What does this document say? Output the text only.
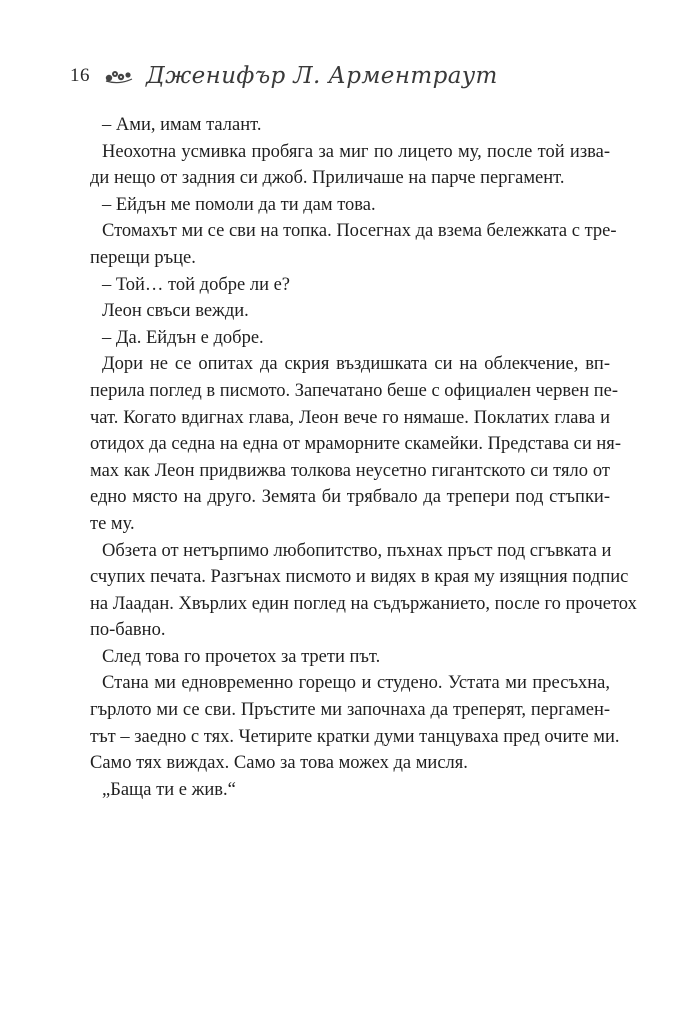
16 Дженифър Л. Арментраут
– Ами, имам талант.
Неохотна усмивка пробяга за миг по лицето му, после той изва-
ди нещо от задния си джоб. Приличаше на парче пергамент.
– Ейдън ме помоли да ти дам това.
Стомахът ми се сви на топка. Посегнах да взема бележката с тре-
перещи ръце.
– Той… той добре ли е?
Леон свъси вежди.
– Да. Ейдън е добре.
Дори не се опитах да скрия въздишката си на облекчение, вп-
перила поглед в писмото. Запечатано беше с официален червен пе-
чат. Когато вдигнах глава, Леон вече го нямаше. Поклатих глава и
отидох да седна на една от мраморните скамейки. Представа си ня-
мах как Леон придвижва толкова неусетно гигантското си тяло от
едно място на друго. Земята би трябвало да трепери под стъпки-
те му.
Обзета от нетърпимо любопитство, пъхнах пръст под сгъвката и
счупих печата. Разгънах писмото и видях в края му изящния подпис
на Лаадан. Хвърлих един поглед на съдържанието, после го прочетох
по-бавно.
След това го прочетох за трети път.
Стана ми едновременно горещо и студено. Устата ми пресъхна,
гърлото ми се сви. Пръстите ми започнаха да треперят, пергамен-
тът – заедно с тях. Четирите кратки думи танцуваха пред очите ми.
Само тях виждах. Само за това можех да мисля.
„Баща ти е жив.“
